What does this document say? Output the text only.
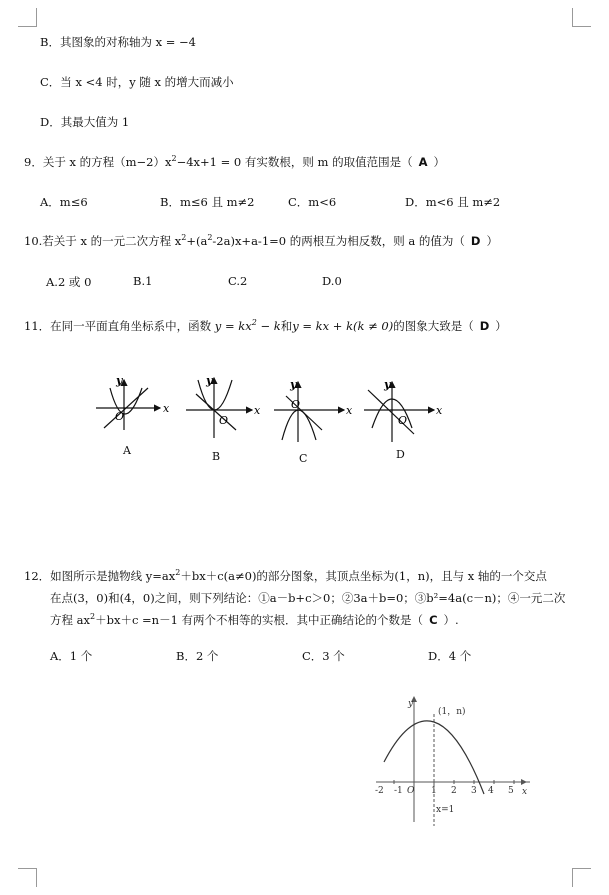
B．其图象的对称轴为 x = −4
C．当 x <4 时，y 随 x 的增大而减小
D．其最大值为 1
9．关于 x 的方程$(m-2)x^2-4x+1 = 0$ 有实数根，则 m 的取值范围是（ A ）
A．m≤6	B．m≤6 且 m≠2	C．m<6	D．m<6 且 m≠2
10.若关于 x 的一元二次方程 $x^2+(a^2-2a)x+a-1=0$ 的两根互为相反数，则 a 的值为（ D ）
A.2 或 0	B.1	C.2	D.0
11．在同一平面直角坐标系中，函数 $y = kx^2 - k$和y = kx + k(k ≠ 0)的图象大致是（ D ）
x
y
O	x
y
O
x
y
O	x
y
O
A	B	C	D
12．如图所示是抛物线 $y=ax^2+bx+c(a\ne 0)$的部分图象，其顶点坐标为(1，n)，且与 x 轴的一个交点
在点(3，0)和(4，0)之间，则下列结论：①a－b+c＞0；②3a＋b=0；③b²=4a(c－n)；④一元二次
方程 $ax^2+bx+c =n-1$ 有两个不相等的实根．其中正确结论的个数是（ C ）.
A．1 个	B．2 个	C．3 个	D．4 个
y
x
O
(1，n)
x=1
-2 -1	1 2 3 4 5
